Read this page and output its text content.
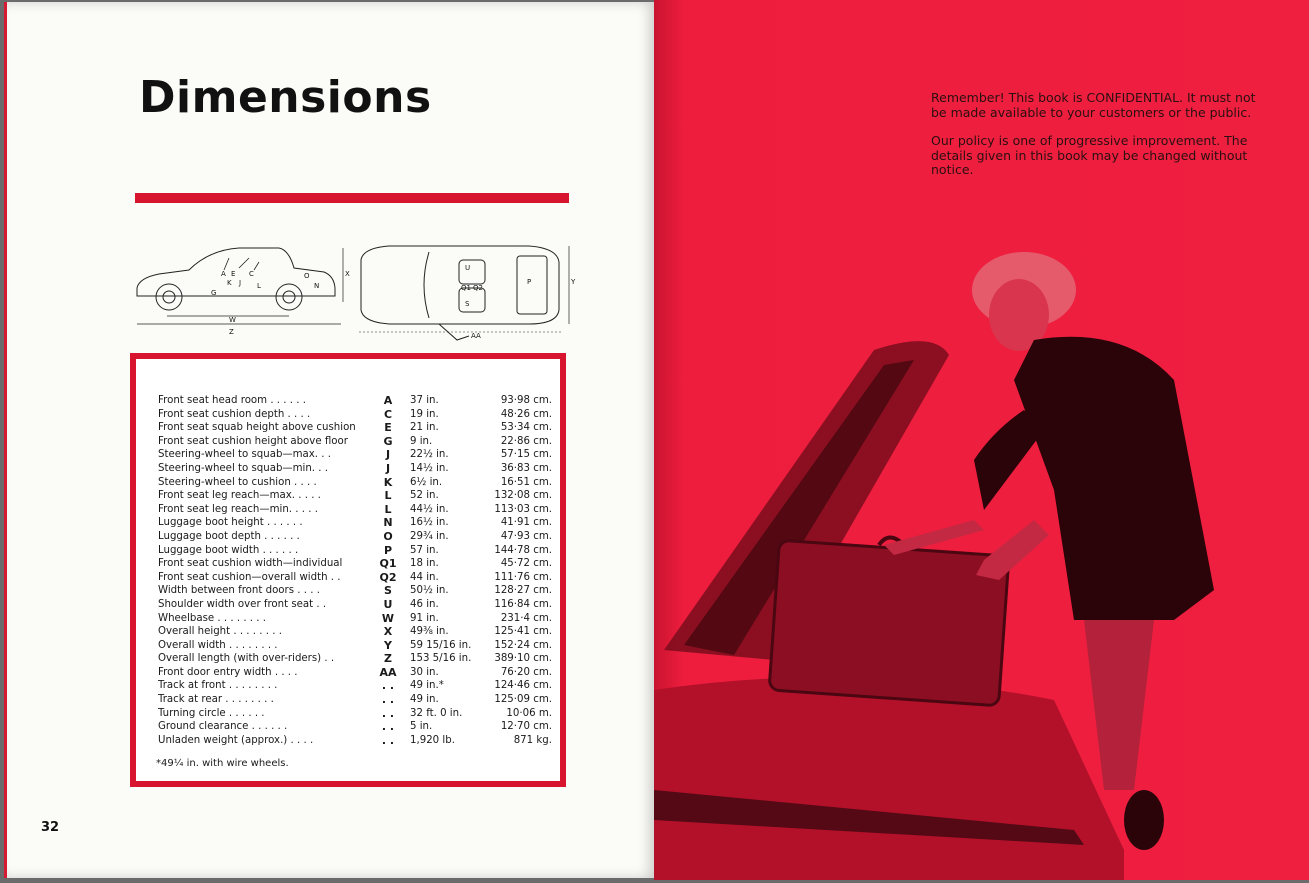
Dimensions
A E C
K
G
J L
O
N
X
W
Z
Q1 Q2
P
U
S
Y
AA
Front seat head room . . . . . .	A	37 in.	93·98 cm.
Front seat cushion depth . . . .	C	19 in.	48·26 cm.
Front seat squab height above cushion	E	21 in.	53·34 cm.
Front seat cushion height above floor	G	9 in.	22·86 cm.
Steering-wheel to squab—max. . .	J	22½ in.	57·15 cm.
Steering-wheel to squab—min. . .	J	14½ in.	36·83 cm.
Steering-wheel to cushion . . . .	K	6½ in.	16·51 cm.
Front seat leg reach—max. . . . .	L	52 in.	132·08 cm.
Front seat leg reach—min. . . . .	L	44½ in.	113·03 cm.
Luggage boot height . . . . . .	N	16½ in.	41·91 cm.
Luggage boot depth . . . . . .	O	29¾ in.	47·93 cm.
Luggage boot width . . . . . .	P	57 in.	144·78 cm.
Front seat cushion width—individual	Q1	18 in.	45·72 cm.
Front seat cushion—overall width . .	Q2	44 in.	111·76 cm.
Width between front doors . . . .	S	50½ in.	128·27 cm.
Shoulder width over front seat . .	U	46 in.	116·84 cm.
Wheelbase . . . . . . . .	W	91 in.	231·4 cm.
Overall height . . . . . . . .	X	49⅜ in.	125·41 cm.
Overall width . . . . . . . .	Y	59 15/16 in.	152·24 cm.
Overall length (with over-riders) . .	Z	153 5/16 in.	389·10 cm.
Front door entry width . . . .	AA	30 in.	76·20 cm.
Track at front . . . . . . . .	. .	49 in.*	124·46 cm.
Track at rear . . . . . . . .	. .	49 in.	125·09 cm.
Turning circle . . . . . .	. .	32 ft. 0 in.	10·06 m.
Ground clearance . . . . . .	. .	5 in.	12·70 cm.
Unladen weight (approx.) . . . .	. .	1,920 lb.	871 kg.
*49¼ in. with wire wheels.
32

Remember! This book is CONFIDENTIAL. It must not be made available to your customers or the public.

Our policy is one of progressive improvement. The details given in this book may be changed without notice.
